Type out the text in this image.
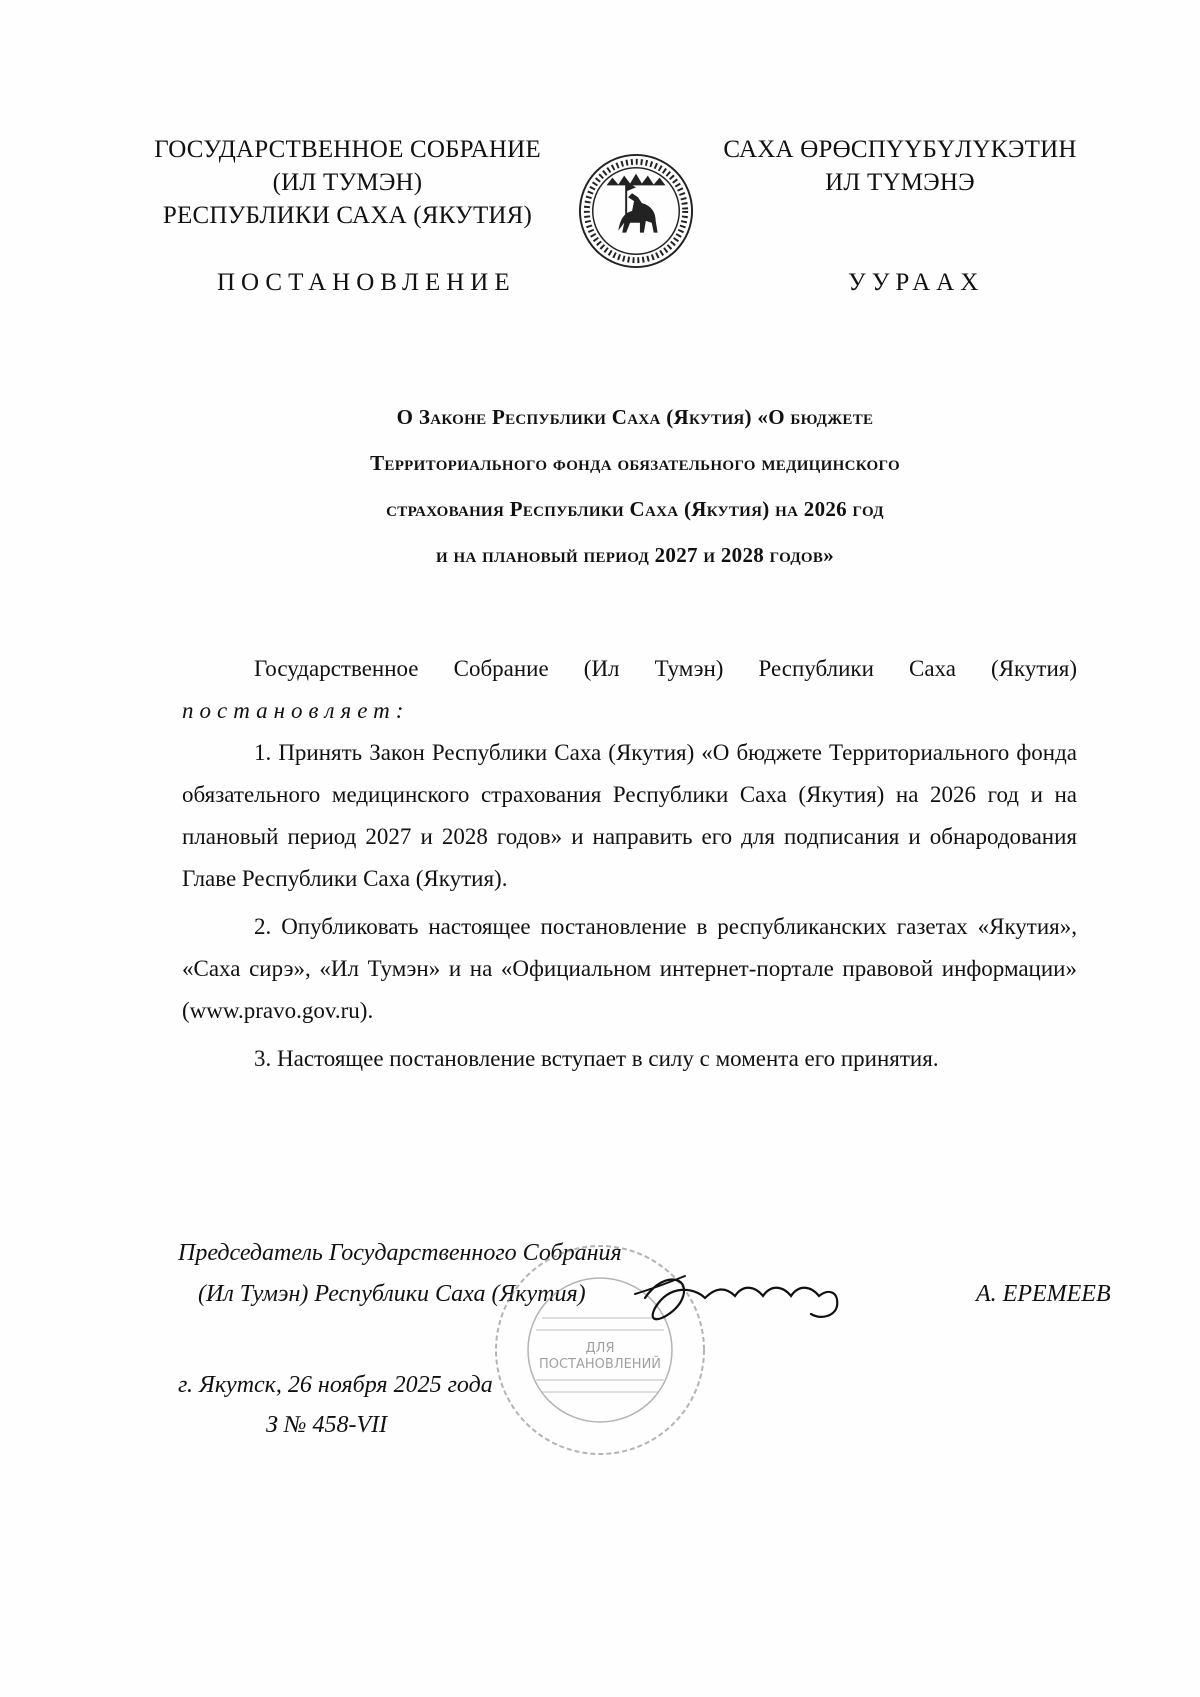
ГОСУДАРСТВЕННОЕ СОБРАНИЕ
(ИЛ ТУМЭН)
РЕСПУБЛИКИ САХА (ЯКУТИЯ)
САХА ӨРӨСПҮҮБҮЛҮКЭТИН
ИЛ ТҮМЭНЭ
ПОСТАНОВЛЕНИЕ	УУРААХ
О Законе Республики Саха (Якутия) «О бюджете
Территориального фонда обязательного медицинского
страхования Республики Саха (Якутия) на 2026 год
и на плановый период 2027 и 2028 годов»

Государственное Собрание (Ил Тумэн) Республики Саха (Якутия)

постановляет:

1. Принять Закон Республики Саха (Якутия) «О бюджете Территориального фонда обязательного медицинского страхования Республики Саха (Якутия) на 2026 год и на плановый период 2027 и 2028 годов» и направить его для подписания и обнародования Главе Республики Саха (Якутия).

2. Опубликовать настоящее постановление в республиканских газетах «Якутия», «Саха сирэ», «Ил Тумэн» и на «Официальном интернет-портале правовой информации» (www.pravo.gov.ru).

3. Настоящее постановление вступает в силу с момента его принятия.

Председатель Государственного Собрания
(Ил Тумэн) Республики Саха (Якутия)	А. ЕРЕМЕЕВ
г. Якутск, 26 ноября 2025 года
З № 458-VII
ДЛЯ
ПОСТАНОВЛЕНИЙ
